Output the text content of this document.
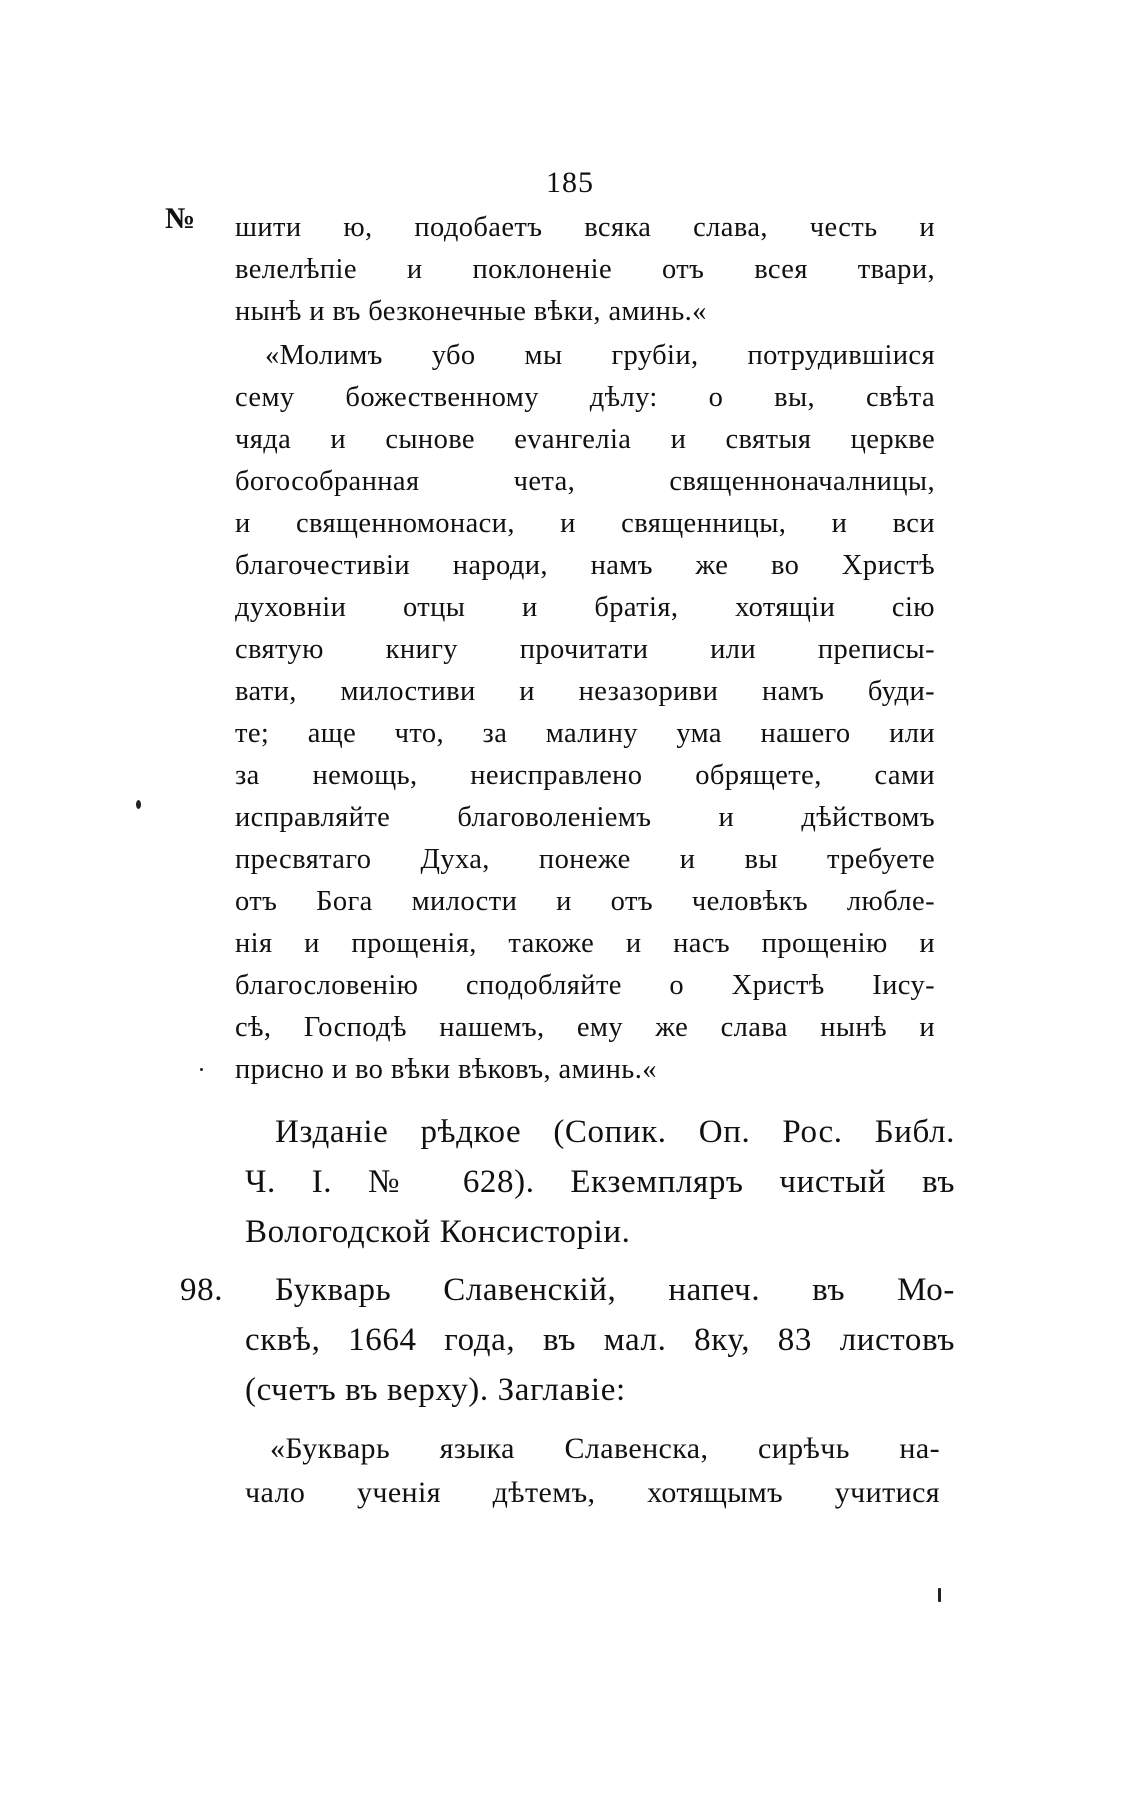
185
№ шити ю, подобаетъ всяка слава, честь и
велелѣпіе и поклоненіе отъ всея твари,
нынѣ и въ безконечные вѣки, аминь.«
«Молимъ убо мы грубіи, потрудившіися
сему божественному дѣлу: о вы, свѣта
чяда и сынове еvангеліа и святыя церкве
богособранная чета, священноначалницы,
и священномонаси, и священницы, и вси
благочестивіи народи, намъ же во Христѣ
духовніи отцы и братія, хотящіи сію
святую книгу прочитати или преписы-
вати, милостиви и незазориви намъ буди-
те; аще что, за малину ума нашего или
за немощь, неисправлено обрящете, сами
исправляйте благоволеніемъ и дѣйствомъ
пресвятаго Духа, понеже и вы требуете
отъ Бога милости и отъ человѣкъ любле-
нія и прощенія, такоже и насъ прощенію и
благословенію сподобляйте о Христѣ Іису-
сѣ, Господѣ нашемъ, ему же слава нынѣ и
присно и во вѣки вѣковъ, аминь.«
Изданіе рѣдкое (Сопик. Оп. Рос. Библ.
Ч. I. № 628). Екземпляръ чистый въ
Вологодской Консисторіи.
98. Букварь Славенскій, напеч. въ Мо-
сквѣ, 1664 года, въ мал. 8ку, 83 листовъ
(счетъ въ верху). Заглавіе:
«Букварь языка Славенска, сирѣчь на-
чало ученія дѣтемъ, хотящымъ учитися
